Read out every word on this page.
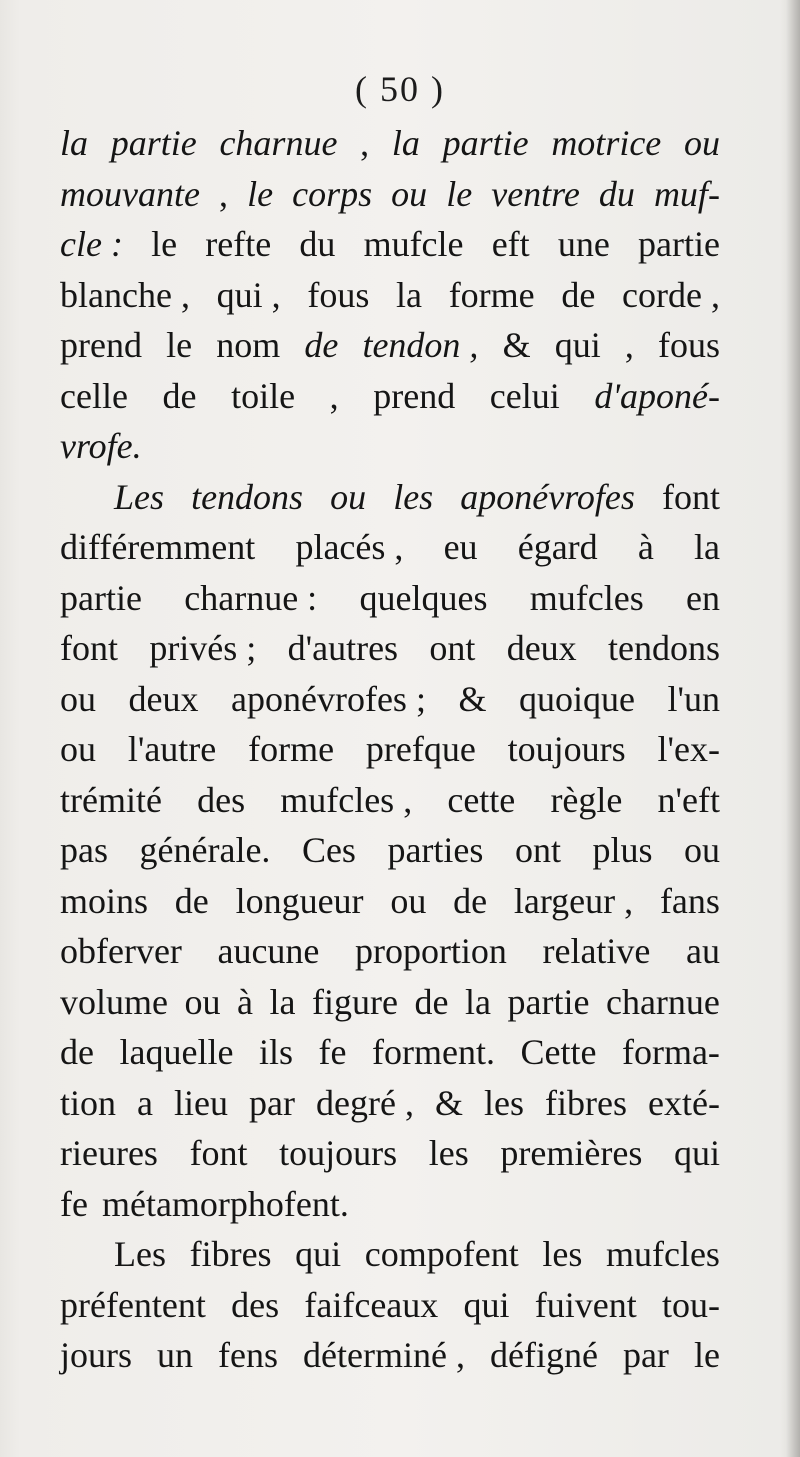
( 50 )
la partie charnue , la partie motrice ou
mouvante , le corps ou le ventre du muf-
cle : le refte du mufcle eft une partie
blanche , qui , fous la forme de corde ,
prend le nom de tendon , & qui , fous
celle de toile , prend celui d'aponé-
vrofe.
Les tendons ou les aponévrofes font
différemment placés , eu égard à la
partie charnue : quelques mufcles en
font privés ; d'autres ont deux tendons
ou deux aponévrofes ; & quoique l'un
ou l'autre forme prefque toujours l'ex-
trémité des mufcles , cette règle n'eft
pas générale. Ces parties ont plus ou
moins de longueur ou de largeur , fans
obferver aucune proportion relative au
volume ou à la figure de la partie charnue
de laquelle ils fe forment. Cette forma-
tion a lieu par degré , & les fibres exté-
rieures font toujours les premières qui
fe métamorphofent.
Les fibres qui compofent les mufcles
préfentent des faifceaux qui fuivent tou-
jours un fens déterminé , défigné par le
